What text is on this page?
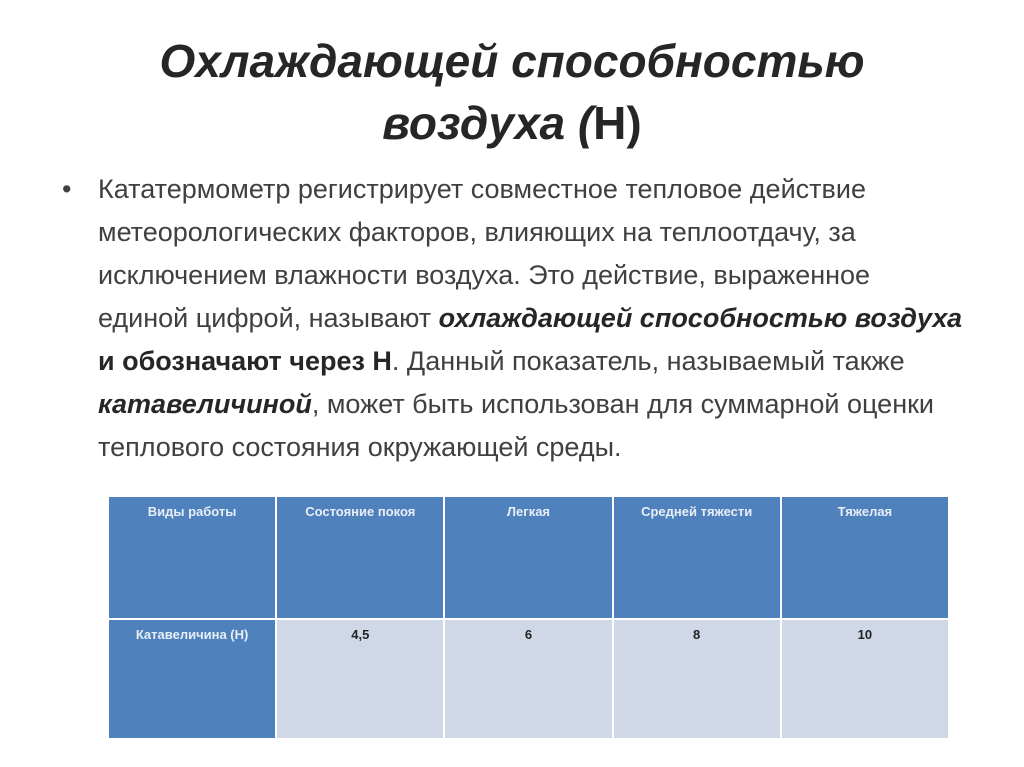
Охлаждающей способностью
воздуха (Н)
• Кататермометр регистрирует совместное тепловое действие метеорологических факторов, влияющих на теплоотдачу, за исключением влажности воздуха. Это действие, выраженное единой цифрой, называют охлаждающей способностью воздуха и обозначают через Н. Данный показатель, называемый также катавеличиной, может быть использован для суммарной оценки теплового состояния окружающей среды.
Виды работы	Состояние покоя	Легкая	Средней тяжести	Тяжелая
Катавеличина (Н)	4,5	6	8	10
